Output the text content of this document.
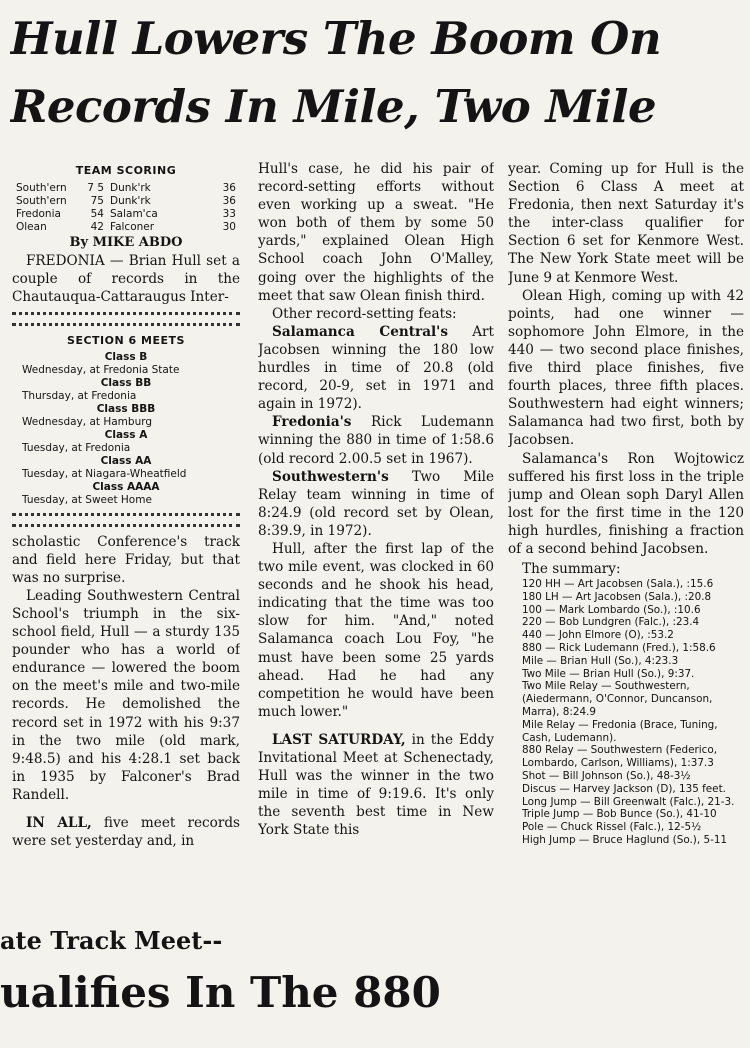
Hull Lowers The Boom On
Records In Mile, Two Mile
TEAM SCORING
South'ern	7 5 Dunk'rk	36
South'ern	75 Dunk'rk	36
Fredonia	54 Salam'ca	33
Olean	42 Falconer	30

By MIKE ABDO

FREDONIA — Brian Hull set a couple of records in the Chautauqua-Cattaraugus Inter-

SECTION 6 MEETS
Class B
Wednesday, at Fredonia State
Class BB
Thursday, at Fredonia
Class BBB
Wednesday, at Hamburg
Class A
Tuesday, at Fredonia
Class AA
Tuesday, at Niagara-Wheatfield
Class AAAA
Tuesday, at Sweet Home

scholastic Conference's track and field here Friday, but that was no surprise.

Leading Southwestern Central School's triumph in the six-school field, Hull — a sturdy 135 pounder who has a world of endurance — lowered the boom on the meet's mile and two-mile records. He demolished the record set in 1972 with his 9:37 in the two mile (old mark, 9:48.5) and his 4:28.1 set back in 1935 by Falconer's Brad Randell.

IN ALL, five meet records were set yesterday and, in

Hull's case, he did his pair of record-setting efforts without even working up a sweat. "He won both of them by some 50 yards," explained Olean High School coach John O'Malley, going over the highlights of the meet that saw Olean finish third.

Other record-setting feats:

Salamanca Central's Art Jacobsen winning the 180 low hurdles in time of 20.8 (old record, 20-9, set in 1971 and again in 1972).

Fredonia's Rick Ludemann winning the 880 in time of 1:58.6 (old record 2.00.5 set in 1967).

Southwestern's Two Mile Relay team winning in time of 8:24.9 (old record set by Olean, 8:39.9, in 1972).

Hull, after the first lap of the two mile event, was clocked in 60 seconds and he shook his head, indicating that the time was too slow for him. "And," noted Salamanca coach Lou Foy, "he must have been some 25 yards ahead. Had he had any competition he would have been much lower."

LAST SATURDAY, in the Eddy Invitational Meet at Schenectady, Hull was the winner in the two mile in time of 9:19.6. It's only the seventh best time in New York State this

year. Coming up for Hull is the Section 6 Class A meet at Fredonia, then next Saturday it's the inter-class qualifier for Section 6 set for Kenmore West. The New York State meet will be June 9 at Kenmore West.

Olean High, coming up with 42 points, had one winner — sophomore John Elmore, in the 440 — two second place finishes, five third place finishes, five fourth places, three fifth places. Southwestern had eight winners; Salamanca had two first, both by Jacobsen.

Salamanca's Ron Wojtowicz suffered his first loss in the triple jump and Olean soph Daryl Allen lost for the first time in the 120 high hurdles, finishing a fraction of a second behind Jacobsen.

The summary:
120 HH — Art Jacobsen (Sala.), :15.6
180 LH — Art Jacobsen (Sala.), :20.8
100 — Mark Lombardo (So.), :10.6
220 — Bob Lundgren (Falc.), :23.4
440 — John Elmore (O), :53.2
880 — Rick Ludemann (Fred.), 1:58.6
Mile — Brian Hull (So.), 4:23.3
Two Mile — Brian Hull (So.), 9:37.
Two Mile Relay — Southwestern, (Aiedermann, O'Connor, Duncanson, Marra), 8:24.9
Mile Relay — Fredonia (Brace, Tuning, Cash, Ludemann).
880 Relay — Southwestern (Federico, Lombardo, Carlson, Williams), 1:37.3
Shot — Bill Johnson (So.), 48-3½
Discus — Harvey Jackson (D), 135 feet.
Long Jump — Bill Greenwalt (Falc.), 21-3.
Triple Jump — Bob Bunce (So.), 41-10
Pole — Chuck Rissel (Falc.), 12-5½
High Jump — Bruce Haglund (So.), 5-11
ate Track Meet--
ualifies In The 880
